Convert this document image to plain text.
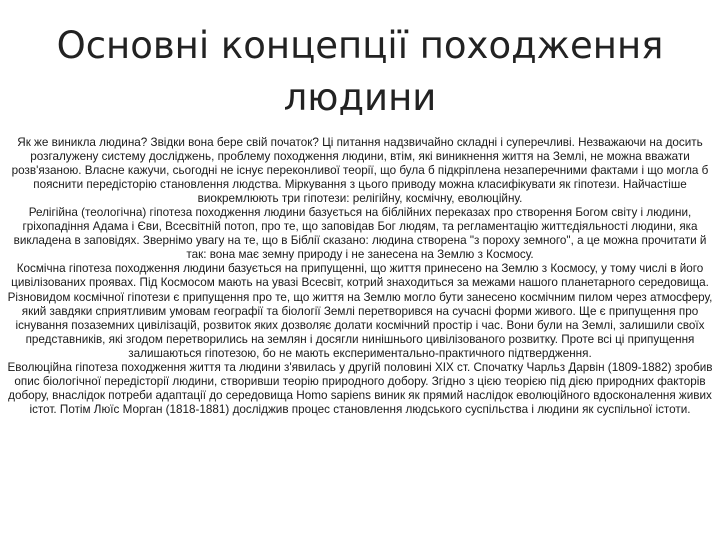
Основні концепції походження
людини

Як же виникла людина? Звідки вона бере свій початок? Ці питання надзвичайно складні і суперечливі. Незважаючи на досить розгалужену систему досліджень, проблему походження людини, втім, які виникнення життя на Землі, не можна вважати розв'язаною. Власне кажучи, сьогодні не існує переконливої теорії, що була б підкріплена незаперечними фактами і що могла б пояснити передісторію становлення людства. Міркування з цього приводу можна класифікувати як гіпотези. Найчастіше виокремлюють три гіпотези: релігійну, космічну, еволюційну.

Релігійна (теологічна) гіпотеза походження людини базується на біблійних переказах про створення Богом світу і людини, гріхопадіння Адама і Єви, Всесвітній потоп, про те, що заповідав Бог людям, та регламентацію життєдіяльності людини, яка викладена в заповідях. Звернімо увагу на те, що в Біблії сказано: людина створена "з пороху земного", а це можна прочитати й так: вона має земну природу і не занесена на Землю з Космосу.

Космічна гіпотеза походження людини базується на припущенні, що життя принесено на Землю з Космосу, у тому числі в його цивілізованих проявах. Під Космосом мають на увазі Всесвіт, котрий знаходиться за межами нашого планетарного середовища. Різновидом космічної гіпотези є припущення про те, що життя на Землю могло бути занесено космічним пилом через атмосферу, який завдяки сприятливим умовам географії та біології Землі перетворився на сучасні форми живого. Ще є припущення про існування позаземних цивілізацій, розвиток яких дозволяє долати космічний простір і час. Вони були на Землі, залишили своїх представників, які згодом перетворились на землян і досягли нинішнього цивілізованого розвитку. Проте всі ці припущення залишаються гіпотезою, бо не мають експериментально-практичного підтвердження.

Еволюційна гіпотеза походження життя та людини з'явилась у другій половині XIX ст. Спочатку Чарльз Дарвін (1809-1882) зробив опис біологічної передісторії людини, створивши теорію природного добору. Згідно з цією теорією під дією природних факторів добору, внаслідок потреби адаптації до середовища Homo sapiens виник як прямий наслідок еволюційного вдосконалення живих істот. Потім Люїс Морган (1818-1881) досліджив процес становлення людського суспільства і людини як суспільної істоти.
